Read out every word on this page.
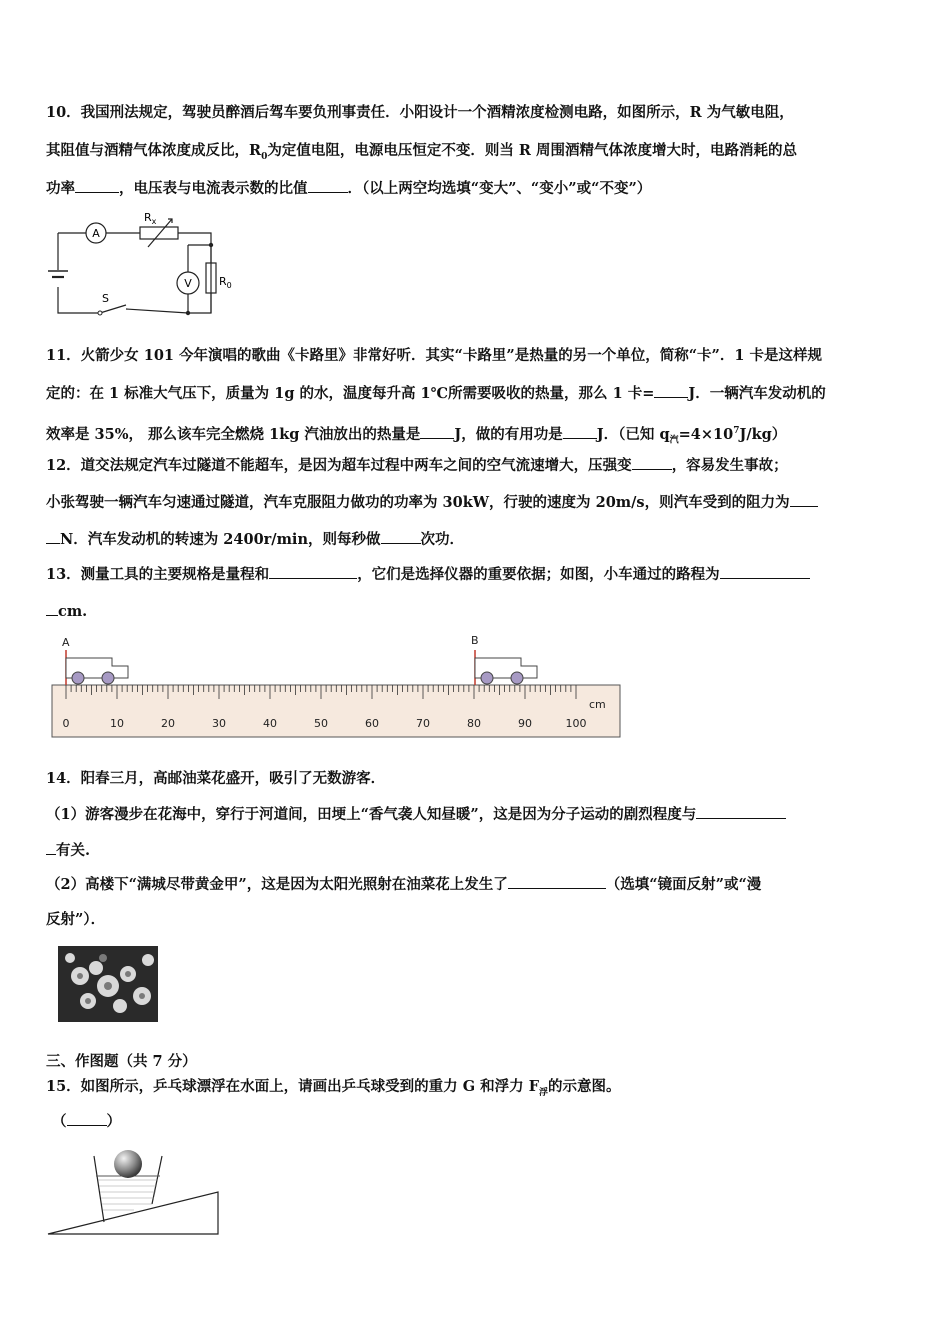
10．我国刑法规定，驾驶员醉酒后驾车要负刑事责任．小阳设计一个酒精浓度检测电路，如图所示，R 为气敏电阻，
其阻值与酒精气体浓度成反比，$R_0$为定值电阻，电源电压恒定不变．则当 R 周围酒精气体浓度增大时，电路消耗的总
功率	，电压表与电流表示数的比值	．（以上两空均选填“变大”、“变小”或“不变”）
A
V
$R_x$
$R_0$
S
11．火箭少女 101 今年演唱的歌曲《卡路里》非常好听．其实“卡路里”是热量的另一个单位，简称“卡”．1 卡是这样规
定的：在 1 标准大气压下，质量为 1g 的水，温度每升高 1℃所需要吸收的热量，那么 1 卡= J．一辆汽车发动机的
效率是 35%， 那么该车完全燃烧 1kg 汽油放出的热量是 J，做的有用功是 J．（已知 $q_汽=4\times 10^7J/kg$）
12．道交法规定汽车过隧道不能超车，是因为超车过程中两车之间的空气流速增大，压强变	，容易发生事故；
小张驾驶一辆汽车匀速通过隧道，汽车克服阻力做功的功率为 30kW，行驶的速度为 20m/s，则汽车受到的阻力为
N．汽车发动机的转速为 2400r/min，则每秒做	次功．
13．测量工具的主要规格是量程和	，它们是选择仪器的重要依据；如图，小车通过的路程为
cm.
0	10	20	30	40	50	60	70	80	90	100
cm
A	B
14．阳春三月，高邮油菜花盛开，吸引了无数游客．
（1）游客漫步在花海中，穿行于河道间，田埂上“香气袭人知昼暖”，这是因为分子运动的剧烈程度与
有关.
（2）高楼下“满城尽带黄金甲”，这是因为太阳光照射在油菜花上发生了	（选填“镜面反射”或“漫
反射”）．
三、作图题（共 7 分）
15．如图所示，乒乓球漂浮在水面上，请画出乒乓球受到的重力 G 和浮力 $F_浮$的示意图。
（	）
